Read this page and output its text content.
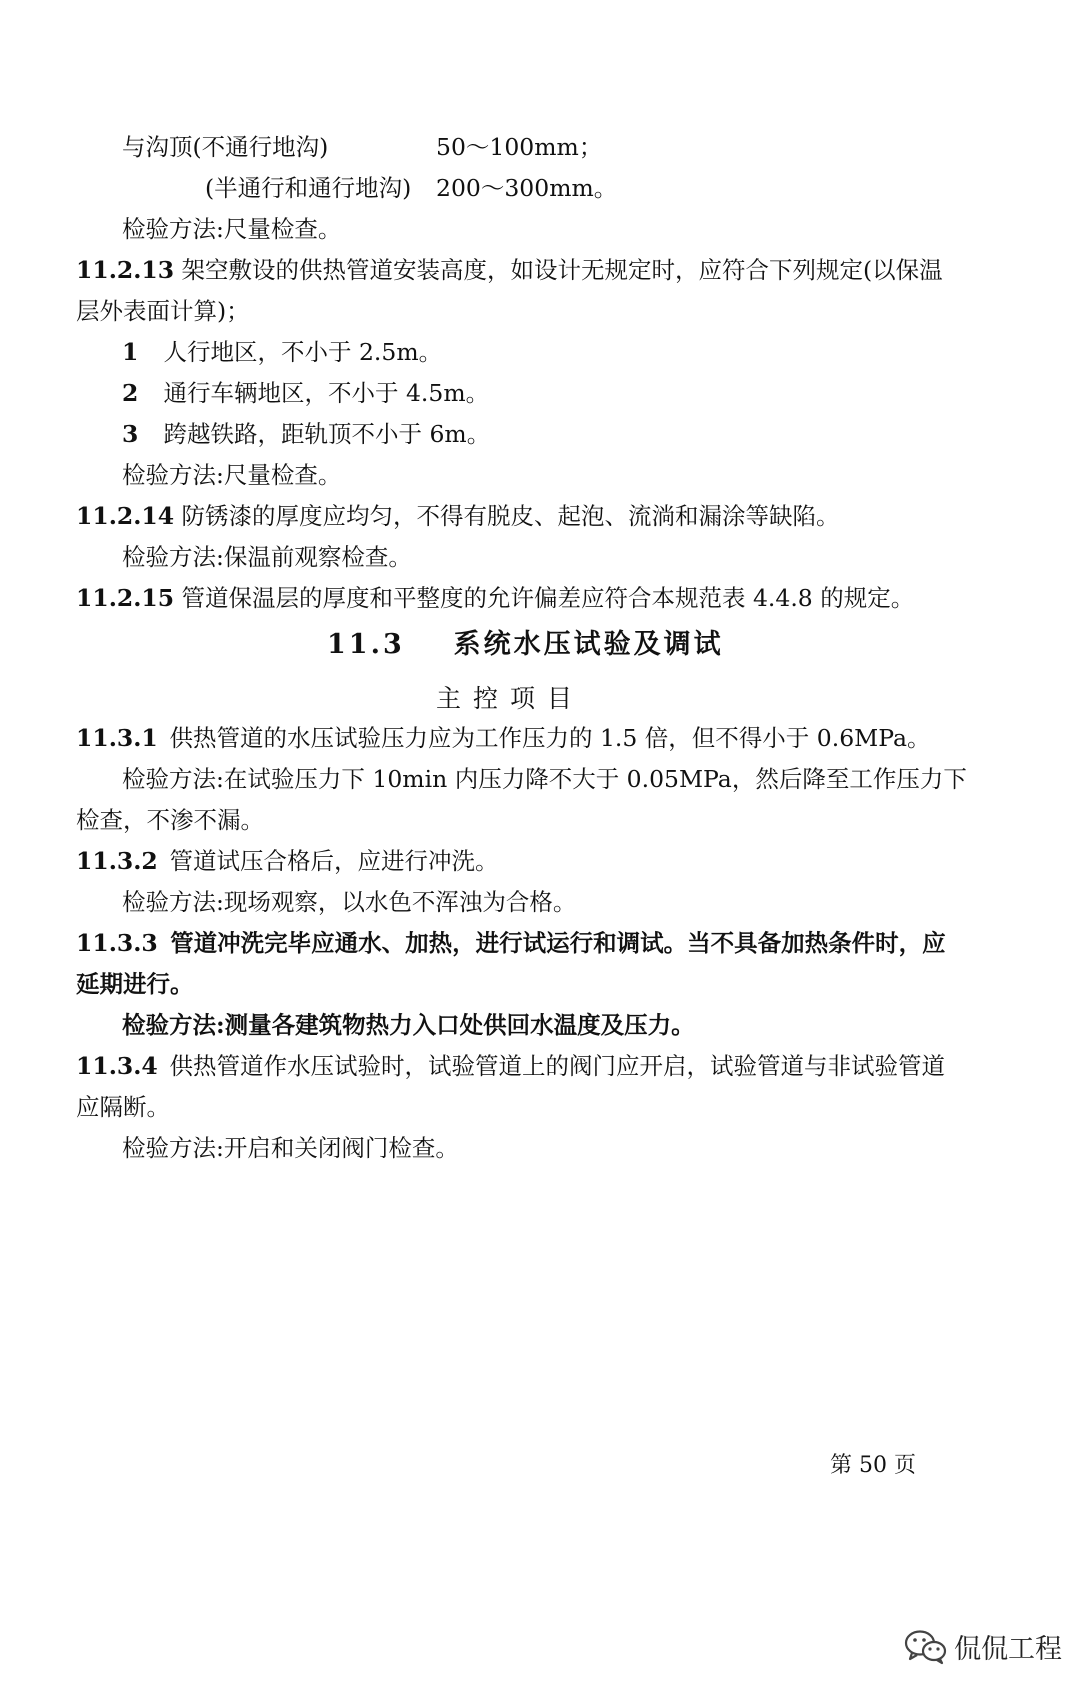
与沟顶(不通行地沟)	50～100mm；
(半通行和通行地沟) 200～300mm。
检验方法:尺量检查。
11.2.13 架空敷设的供热管道安装高度，如设计无规定时，应符合下列规定(以保温
层外表面计算)；
1 人行地区，不小于 2.5m。
2 通行车辆地区，不小于 4.5m。
3 跨越铁路，距轨顶不小于 6m。
检验方法:尺量检查。
11.2.14 防锈漆的厚度应均匀，不得有脱皮、起泡、流淌和漏涂等缺陷。
检验方法:保温前观察检查。
11.2.15 管道保温层的厚度和平整度的允许偏差应符合本规范表 4.4.8 的规定。
11.3 系统水压试验及调试
主控项目
11.3.1 供热管道的水压试验压力应为工作压力的 1.5 倍，但不得小于 0.6MPa。
检验方法:在试验压力下 10min 内压力降不大于 0.05MPa，然后降至工作压力下
检查，不渗不漏。
11.3.2 管道试压合格后，应进行冲洗。
检验方法:现场观察，以水色不浑浊为合格。
11.3.3 管道冲洗完毕应通水、加热，进行试运行和调试。当不具备加热条件时，应
延期进行。
检验方法:测量各建筑物热力入口处供回水温度及压力。
11.3.4 供热管道作水压试验时，试验管道上的阀门应开启，试验管道与非试验管道
应隔断。
检验方法:开启和关闭阀门检查。
第 50 页
侃侃工程
